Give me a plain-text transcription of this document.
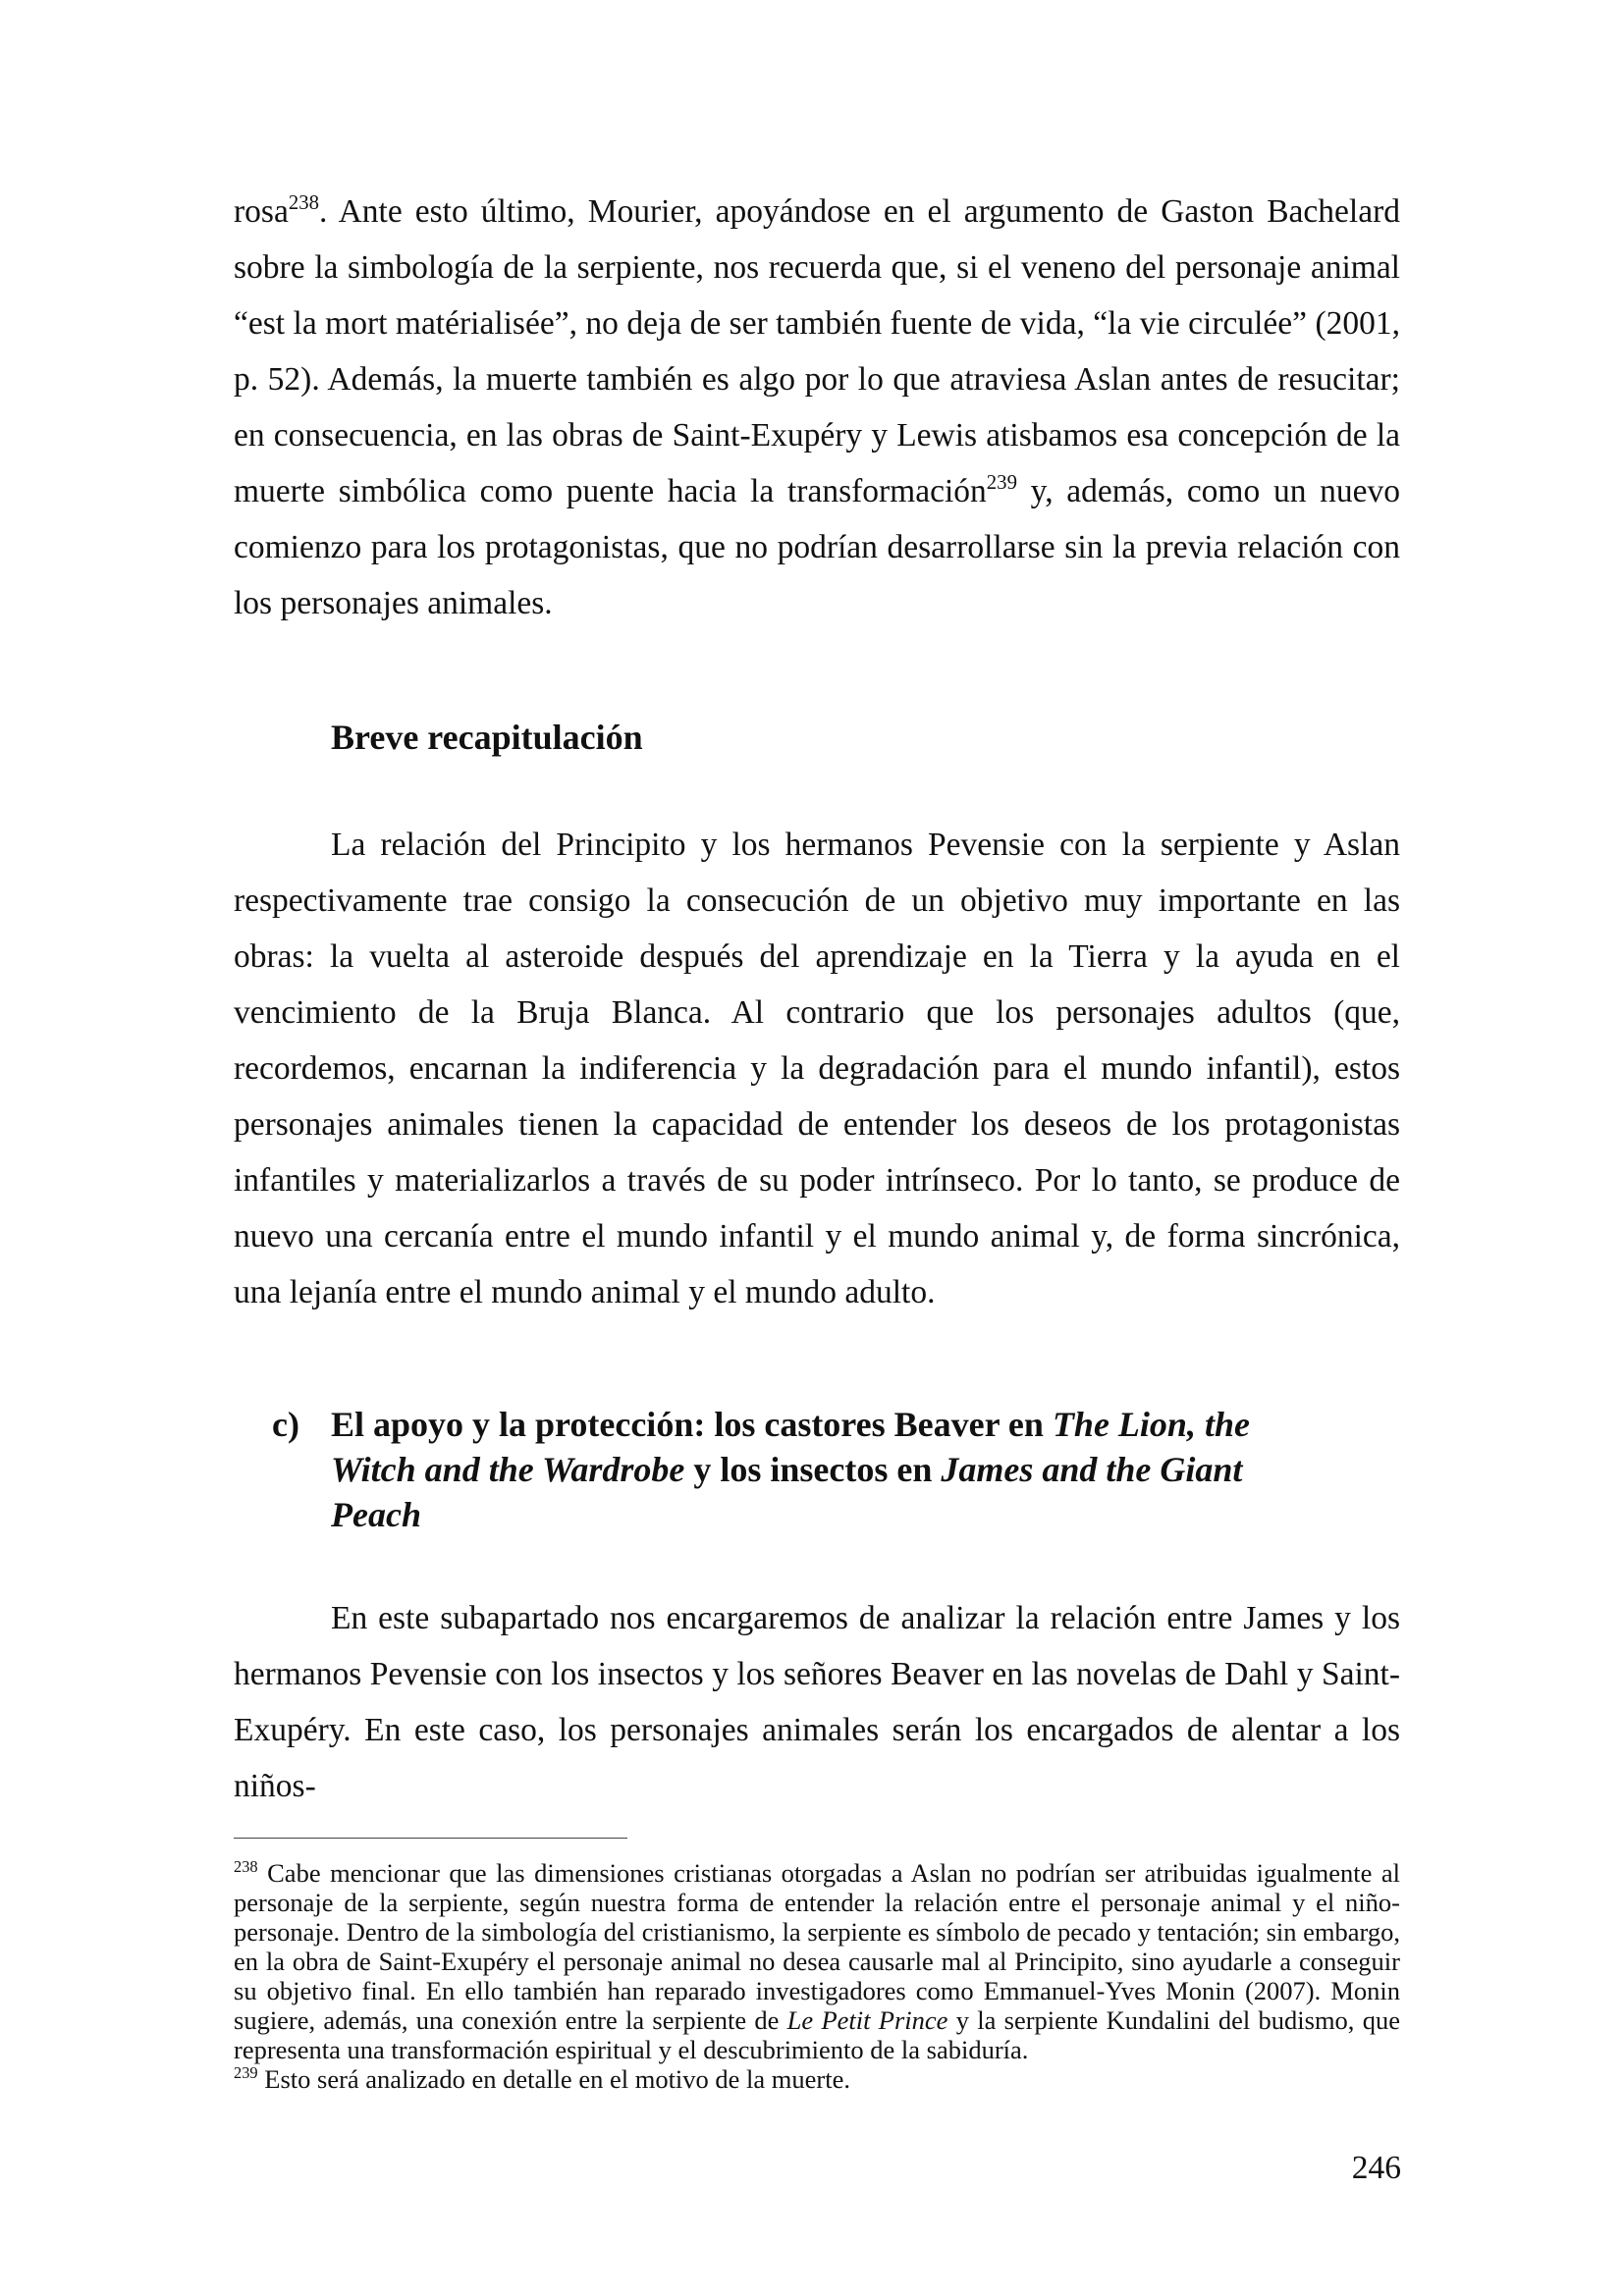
rosa$^{238}$. Ante esto último, Mourier, apoyándose en el argumento de Gaston Bachelard sobre la simbología de la serpiente, nos recuerda que, si el veneno del personaje animal “est la mort matérialisée”, no deja de ser también fuente de vida, “la vie circulée” (2001, p. 52). Además, la muerte también es algo por lo que atraviesa Aslan antes de resucitar; en consecuencia, en las obras de Saint-Exupéry y Lewis atisbamos esa concepción de la muerte simbólica como puente hacia la transformación$^{239}$ y, además, como un nuevo comienzo para los protagonistas, que no podrían desarrollarse sin la previa relación con los personajes animales.

Breve recapitulación

La relación del Principito y los hermanos Pevensie con la serpiente y Aslan respectivamente trae consigo la consecución de un objetivo muy importante en las obras: la vuelta al asteroide después del aprendizaje en la Tierra y la ayuda en el vencimiento de la Bruja Blanca. Al contrario que los personajes adultos (que, recordemos, encarnan la indiferencia y la degradación para el mundo infantil), estos personajes animales tienen la capacidad de entender los deseos de los protagonistas infantiles y materializarlos a través de su poder intrínseco. Por lo tanto, se produce de nuevo una cercanía entre el mundo infantil y el mundo animal y, de forma sincrónica, una lejanía entre el mundo animal y el mundo adulto.

c) El apoyo y la protección: los castores Beaver en The Lion, the Witch and the Wardrobe y los insectos en James and the Giant Peach

En este subapartado nos encargaremos de analizar la relación entre James y los hermanos Pevensie con los insectos y los señores Beaver en las novelas de Dahl y Saint-Exupéry. En este caso, los personajes animales serán los encargados de alentar a los niños-

$^{238}$ Cabe mencionar que las dimensiones cristianas otorgadas a Aslan no podrían ser atribuidas igualmente al personaje de la serpiente, según nuestra forma de entender la relación entre el personaje animal y el niño-personaje. Dentro de la simbología del cristianismo, la serpiente es símbolo de pecado y tentación; sin embargo, en la obra de Saint-Exupéry el personaje animal no desea causarle mal al Principito, sino ayudarle a conseguir su objetivo final. En ello también han reparado investigadores como Emmanuel-Yves Monin (2007). Monin sugiere, además, una conexión entre la serpiente de Le Petit Prince y la serpiente Kundalini del budismo, que representa una transformación espiritual y el descubrimiento de la sabiduría.

$^{239}$ Esto será analizado en detalle en el motivo de la muerte.

246
